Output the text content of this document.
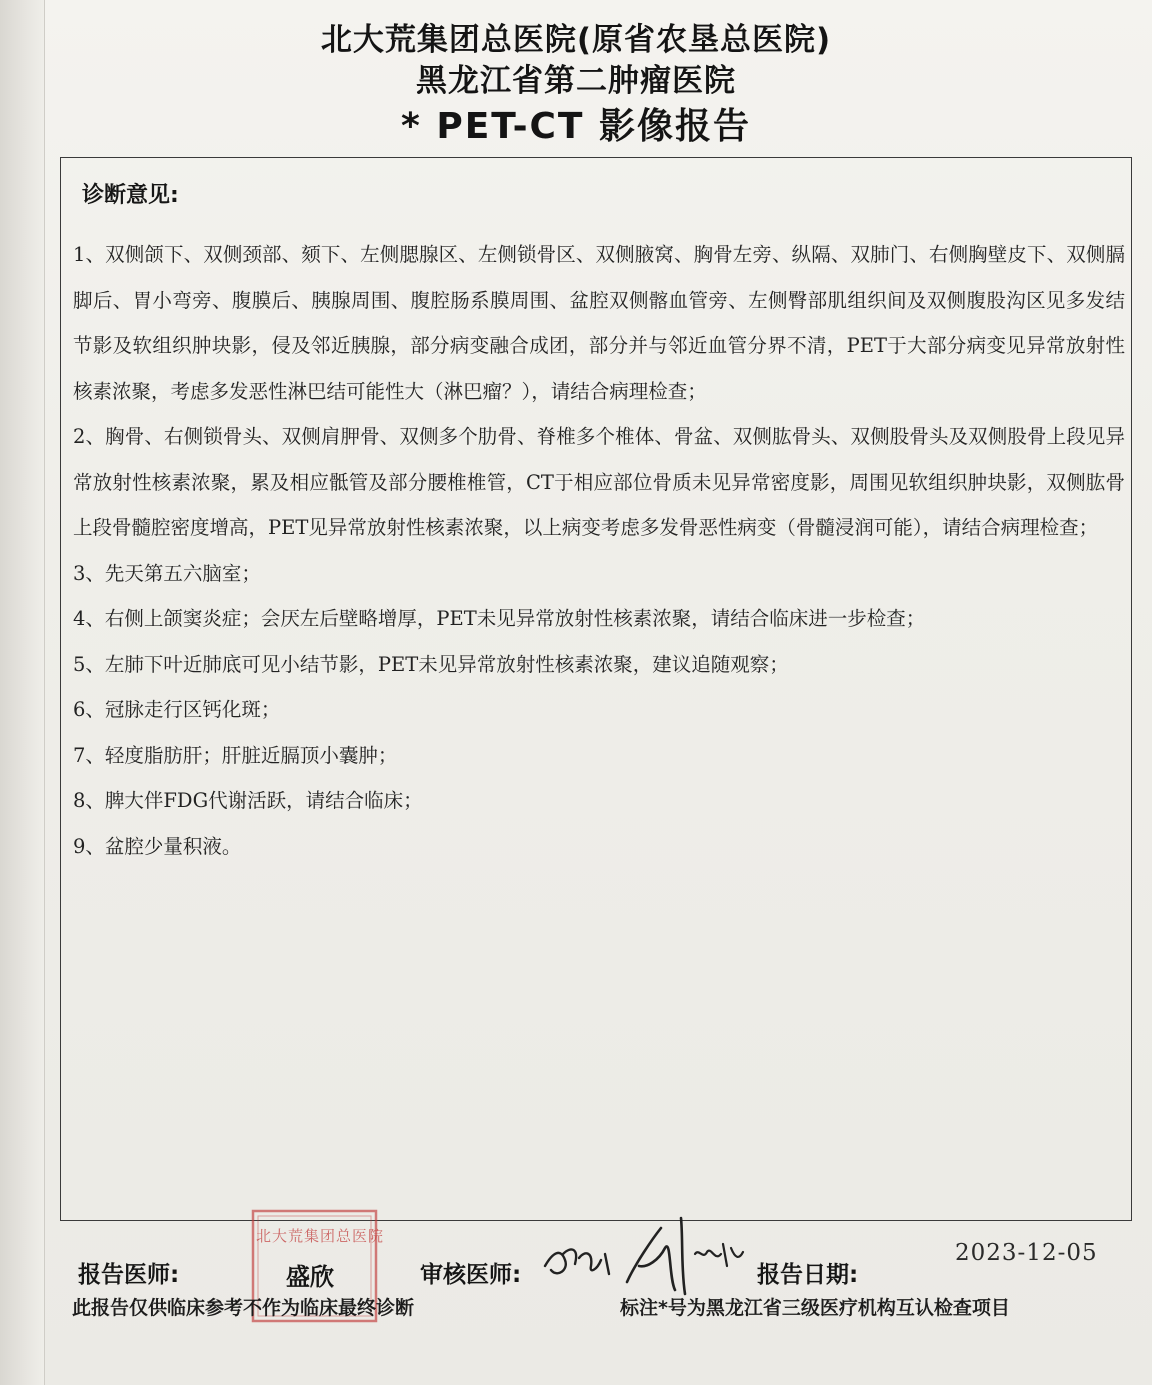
北大荒集团总医院(原省农垦总医院)
黑龙江省第二肿瘤医院
* PET-CT 影像报告
诊断意见:
1、双侧颌下、双侧颈部、颏下、左侧腮腺区、左侧锁骨区、双侧腋窝、胸骨左旁、纵隔、双肺门、右侧胸壁皮下、双侧膈脚后、胃小弯旁、腹膜后、胰腺周围、腹腔肠系膜周围、盆腔双侧髂血管旁、左侧臀部肌组织间及双侧腹股沟区见多发结节影及软组织肿块影，侵及邻近胰腺，部分病变融合成团，部分并与邻近血管分界不清，PET于大部分病变见异常放射性核素浓聚，考虑多发恶性淋巴结可能性大（淋巴瘤？），请结合病理检查；
2、胸骨、右侧锁骨头、双侧肩胛骨、双侧多个肋骨、脊椎多个椎体、骨盆、双侧肱骨头、双侧股骨头及双侧股骨上段见异常放射性核素浓聚，累及相应骶管及部分腰椎椎管，CT于相应部位骨质未见异常密度影，周围见软组织肿块影，双侧肱骨上段骨髓腔密度增高，PET见异常放射性核素浓聚，以上病变考虑多发骨恶性病变（骨髓浸润可能），请结合病理检查；
3、先天第五六脑室；
4、右侧上颌窦炎症；会厌左后壁略增厚，PET未见异常放射性核素浓聚，请结合临床进一步检查；
5、左肺下叶近肺底可见小结节影，PET未见异常放射性核素浓聚，建议追随观察；
6、冠脉走行区钙化斑；
7、轻度脂肪肝；肝脏近膈顶小囊肿；
8、脾大伴FDG代谢活跃，请结合临床；
9、盆腔少量积液。
北大荒集团总医院
报告医师:	盛欣	审核医师:	报告日期:
2023-12-05
此报告仅供临床参考不作为临床最终诊断	标注*号为黑龙江省三级医疗机构互认检查项目
